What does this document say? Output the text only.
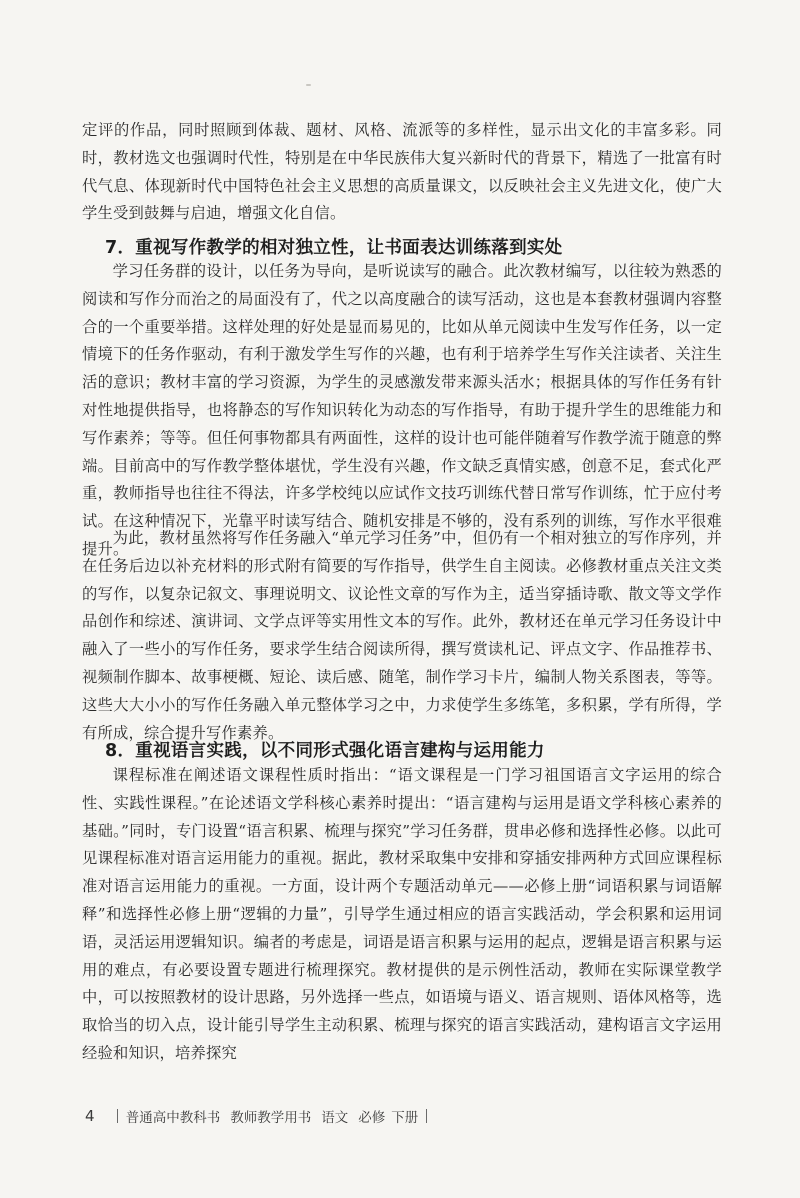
定评的作品，同时照顾到体裁、题材、风格、流派等的多样性，显示出文化的丰富多彩。同时，教材选文也强调时代性，特别是在中华民族伟大复兴新时代的背景下，精选了一批富有时代气息、体现新时代中国特色社会主义思想的高质量课文，以反映社会主义先进文化，使广大学生受到鼓舞与启迪，增强文化自信。

7．重视写作教学的相对独立性，让书面表达训练落到实处

学习任务群的设计，以任务为导向，是听说读写的融合。此次教材编写，以往较为熟悉的阅读和写作分而治之的局面没有了，代之以高度融合的读写活动，这也是本套教材强调内容整合的一个重要举措。这样处理的好处是显而易见的，比如从单元阅读中生发写作任务，以一定情境下的任务作驱动，有利于激发学生写作的兴趣，也有利于培养学生写作关注读者、关注生活的意识；教材丰富的学习资源，为学生的灵感激发带来源头活水；根据具体的写作任务有针对性地提供指导，也将静态的写作知识转化为动态的写作指导，有助于提升学生的思维能力和写作素养；等等。但任何事物都具有两面性，这样的设计也可能伴随着写作教学流于随意的弊端。目前高中的写作教学整体堪忧，学生没有兴趣，作文缺乏真情实感，创意不足，套式化严重，教师指导也往往不得法，许多学校纯以应试作文技巧训练代替日常写作训练，忙于应付考试。在这种情况下，光靠平时读写结合、随机安排是不够的，没有系列的训练，写作水平很难提升。

为此，教材虽然将写作任务融入“单元学习任务”中，但仍有一个相对独立的写作序列，并在任务后边以补充材料的形式附有简要的写作指导，供学生自主阅读。必修教材重点关注文类的写作，以复杂记叙文、事理说明文、议论性文章的写作为主，适当穿插诗歌、散文等文学作品创作和综述、演讲词、文学点评等实用性文本的写作。此外，教材还在单元学习任务设计中融入了一些小的写作任务，要求学生结合阅读所得，撰写赏读札记、评点文字、作品推荐书、视频制作脚本、故事梗概、短论、读后感、随笔，制作学习卡片，编制人物关系图表，等等。这些大大小小的写作任务融入单元整体学习之中，力求使学生多练笔，多积累，学有所得，学有所成，综合提升写作素养。

8．重视语言实践，以不同形式强化语言建构与运用能力

课程标准在阐述语文课程性质时指出：“语文课程是一门学习祖国语言文字运用的综合性、实践性课程。”在论述语文学科核心素养时提出：“语言建构与运用是语文学科核心素养的基础。”同时，专门设置“语言积累、梳理与探究”学习任务群，贯串必修和选择性必修。以此可见课程标准对语言运用能力的重视。据此，教材采取集中安排和穿插安排两种方式回应课程标准对语言运用能力的重视。一方面，设计两个专题活动单元——必修上册“词语积累与词语解释”和选择性必修上册“逻辑的力量”，引导学生通过相应的语言实践活动，学会积累和运用词语，灵活运用逻辑知识。编者的考虑是，词语是语言积累与运用的起点，逻辑是语言积累与运用的难点，有必要设置专题进行梳理探究。教材提供的是示例性活动，教师在实际课堂教学中，可以按照教材的设计思路，另外选择一些点，如语境与语义、语言规则、语体风格等，选取恰当的切入点，设计能引导学生主动积累、梳理与探究的语言实践活动，建构语言文字运用经验和知识，培养探究

4 普通高中教科书 教师教学用书 语文 必修 下册
